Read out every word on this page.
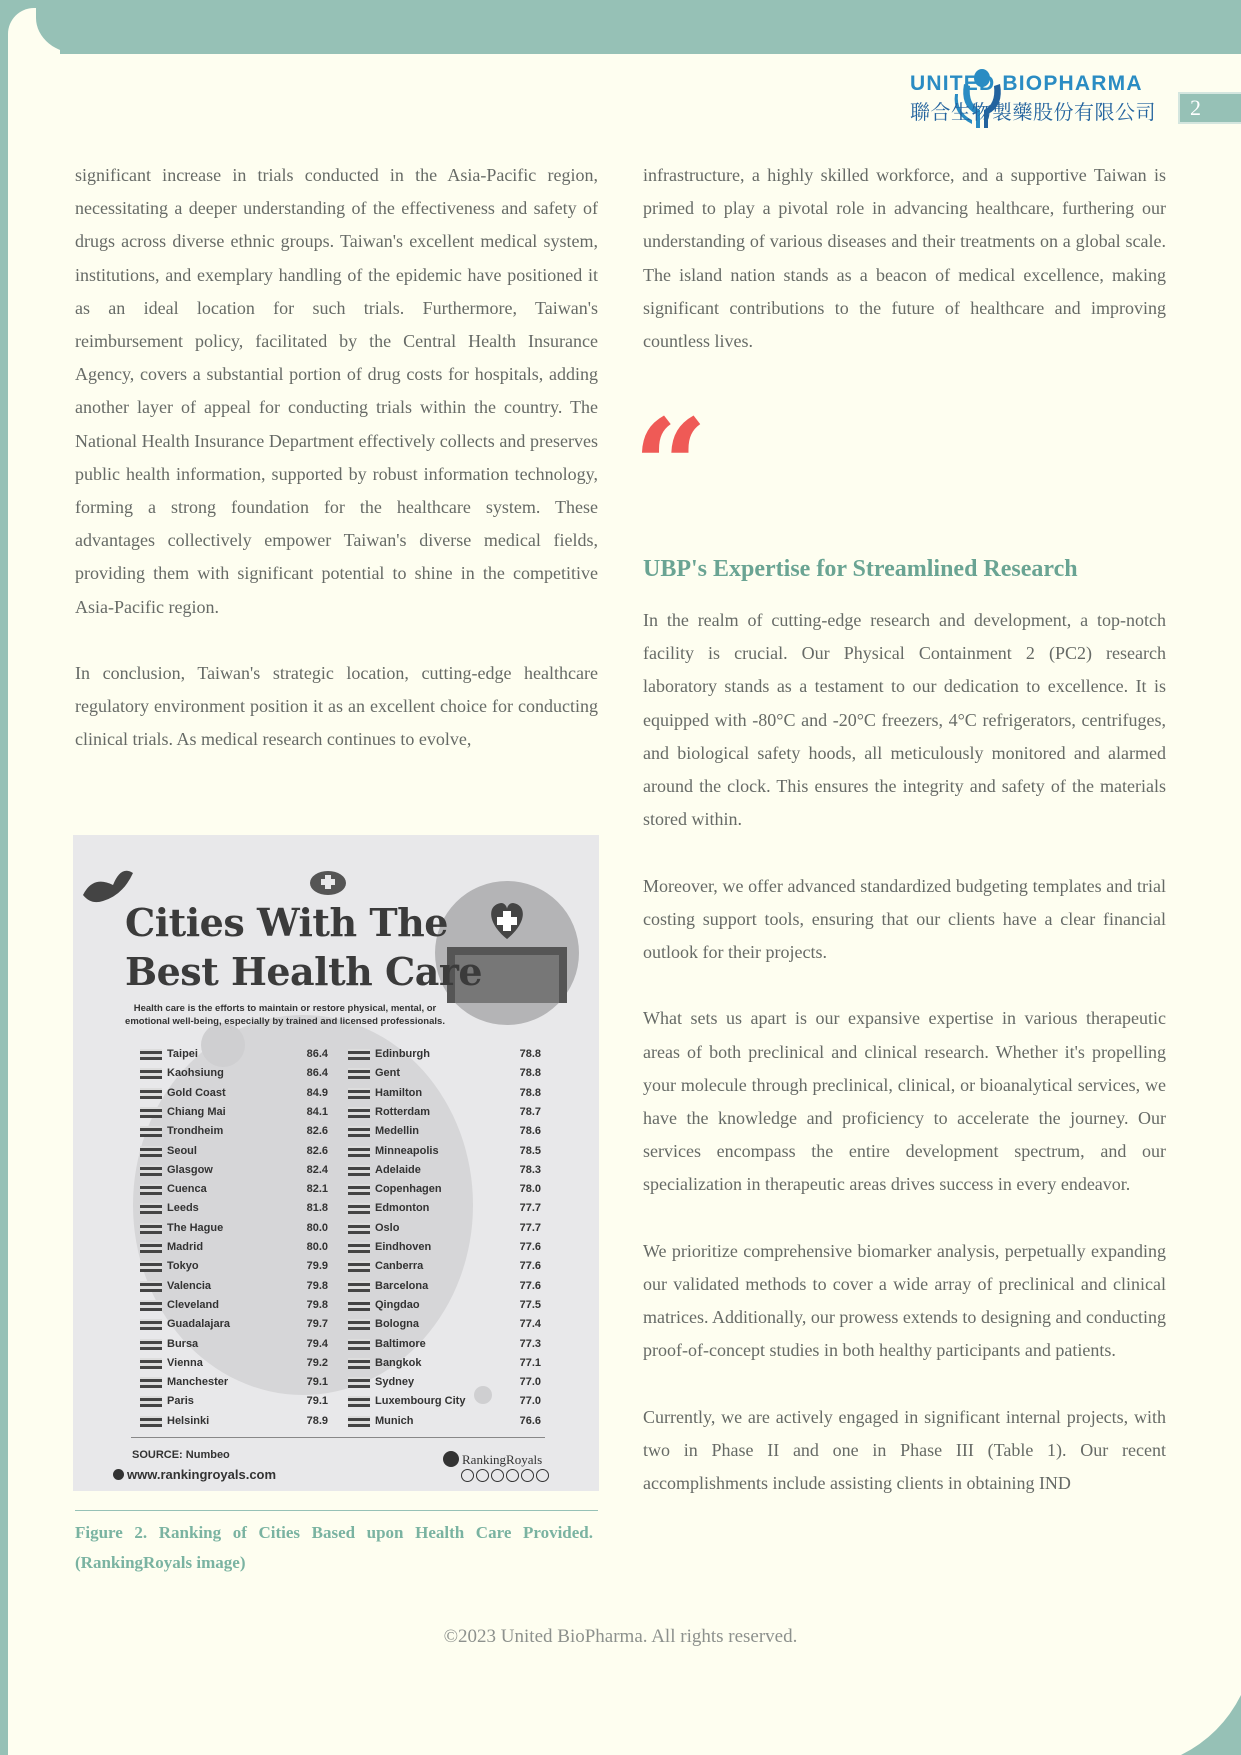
UNITED BIOPHARMA
聯合生物製藥股份有限公司	2

significant increase in trials conducted in the Asia-Pacific region, necessitating a deeper understanding of the effectiveness and safety of drugs across diverse ethnic groups. Taiwan's excellent medical system, institutions, and exemplary handling of the epidemic have positioned it as an ideal location for such trials. Furthermore, Taiwan's reimbursement policy, facilitated by the Central Health Insurance Agency, covers a substantial portion of drug costs for hospitals, adding another layer of appeal for conducting trials within the country. The National Health Insurance Department effectively collects and preserves public health information, supported by robust information technology, forming a strong foundation for the healthcare system. These advantages collectively empower Taiwan's diverse medical fields, providing them with significant potential to shine in the competitive Asia-Pacific region.

In conclusion, Taiwan's strategic location, cutting-edge healthcare regulatory environment position it as an excellent choice for conducting clinical trials. As medical research continues to evolve,

infrastructure, a highly skilled workforce, and a supportive Taiwan is primed to play a pivotal role in advancing healthcare, furthering our understanding of various diseases and their treatments on a global scale. The island nation stands as a beacon of medical excellence, making significant contributions to the future of healthcare and improving countless lives.

“
UBP's Expertise for Streamlined Research

In the realm of cutting-edge research and development, a top-notch facility is crucial. Our Physical Containment 2 (PC2) research laboratory stands as a testament to our dedication to excellence. It is equipped with -80°C and -20°C freezers, 4°C refrigerators, centrifuges, and biological safety hoods, all meticulously monitored and alarmed around the clock. This ensures the integrity and safety of the materials stored within.

Moreover, we offer advanced standardized budgeting templates and trial costing support tools, ensuring that our clients have a clear financial outlook for their projects.

What sets us apart is our expansive expertise in various therapeutic areas of both preclinical and clinical research. Whether it's propelling your molecule through preclinical, clinical, or bioanalytical services, we have the knowledge and proficiency to accelerate the journey. Our services encompass the entire development spectrum, and our specialization in therapeutic areas drives success in every endeavor.

We prioritize comprehensive biomarker analysis, perpetually expanding our validated methods to cover a wide array of preclinical and clinical matrices. Additionally, our prowess extends to designing and conducting proof-of-concept studies in both healthy participants and patients.

Currently, we are actively engaged in significant internal projects, with two in Phase II and one in Phase III (Table 1). Our recent accomplishments include assisting clients in obtaining IND

Cities With The
Best Health Care
Health care is the efforts to maintain or restore physical, mental, or emotional well-being, especially by trained and licensed professionals.
Taipei	86.4
Kaohsiung	86.4
Gold Coast	84.9
Chiang Mai	84.1
Trondheim	82.6
Seoul	82.6
Glasgow	82.4
Cuenca	82.1
Leeds	81.8
The Hague	80.0
Madrid	80.0
Tokyo	79.9
Valencia	79.8
Cleveland	79.8
Guadalajara	79.7
Bursa	79.4
Vienna	79.2
Manchester	79.1
Paris	79.1
Helsinki	78.9
Edinburgh	78.8
Gent	78.8
Hamilton	78.8
Rotterdam	78.7
Medellin	78.6
Minneapolis	78.5
Adelaide	78.3
Copenhagen	78.0
Edmonton	77.7
Oslo	77.7
Eindhoven	77.6
Canberra	77.6
Barcelona	77.6
Qingdao	77.5
Bologna	77.4
Baltimore	77.3
Bangkok	77.1
Sydney	77.0
Luxembourg City	77.0
Munich	76.6
SOURCE: Numbeo
www.rankingroyals.com
RankingRoyals
Figure 2. Ranking of Cities Based upon Health Care Provided. (RankingRoyals image)
©2023 United BioPharma. All rights reserved.
